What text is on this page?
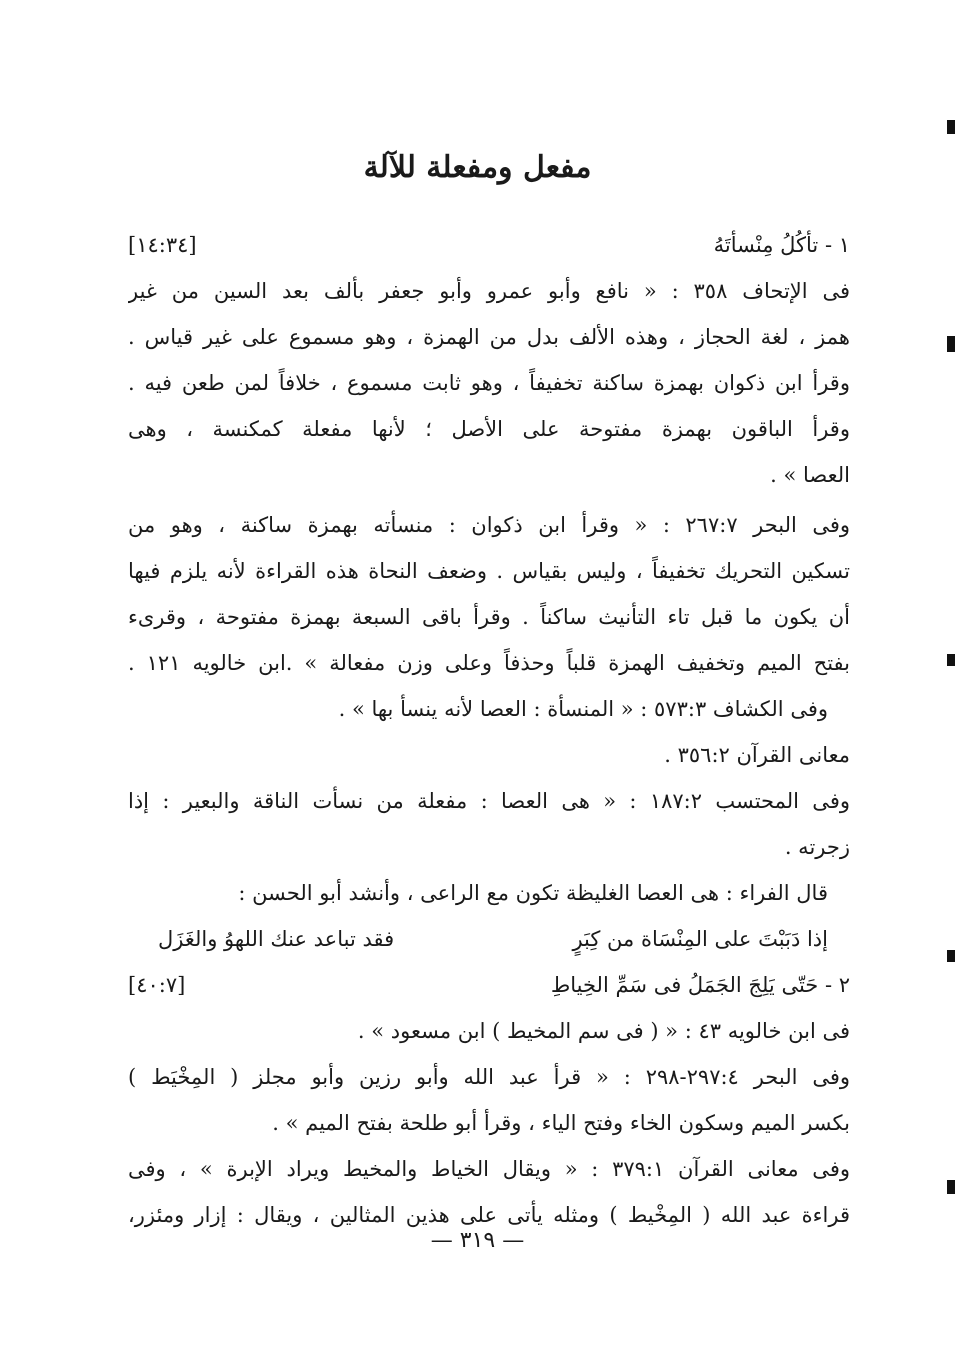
مفعل ومفعلة للآلة
١ - تأكُلُ مِنْسأتَهُ
[١٤:٣٤]
فى الإتحاف ٣٥٨ : « نافع وأبو عمرو وأبو جعفر بألف بعد السين من غير
همز ، لغة الحجاز ، وهذه الألف بدل من الهمزة ، وهو مسموع على غير قياس .
وقرأ ابن ذكوان بهمزة ساكنة تخفيفاً ، وهو ثابت مسموع ، خلافاً لمن طعن فيه .
وقرأ الباقون بهمزة مفتوحة على الأصل ؛ لأنها مفعلة كمكنسة ، وهى
العصا » .
وفى البحر ٢٦٧:٧ : « وقرأ ابن ذكوان : منسأته بهمزة ساكنة ، وهو من
تسكين التحريك تخفيفاً ، وليس بقياس . وضعف النحاة هذه القراءة لأنه يلزم فيها
أن يكون ما قبل تاء التأنيث ساكناً . وقرأ باقى السبعة بهمزة مفتوحة ، وقرىء
بفتح الميم وتخفيف الهمزة قلباً وحذفاً وعلى وزن مفعالة » .ابن خالويه ١٢١ .
وفى الكشاف ٥٧٣:٣ : « المنسأة : العصا لأنه ينسأ بها » .
معانى القرآن ٣٥٦:٢ .
وفى المحتسب ١٨٧:٢ : « هى العصا : مفعلة من نسأت الناقة والبعير : إذا
زجرته .
قال الفراء : هى العصا الغليظة تكون مع الراعى ، وأنشد أبو الحسن :
إذا دَبَبْتَ على المِنْسَاة من كِبَرٍ
فقد تباعد عنك اللهوُ والغَزَل
٢ - حَتّى يَلِجَ الجَمَلُ فى سَمِّ الخِياطِ
[٤٠:٧]
فى ابن خالويه ٤٣ : « ( فى سم المخيط ) ابن مسعود » .
وفى البحر ٢٩٧:٤-٢٩٨ : « قرأ عبد الله وأبو رزين وأبو مجلز ( المِخْيَط )
بكسر الميم وسكون الخاء وفتح الياء ، وقرأ أبو طلحة بفتح الميم » .
وفى معانى القرآن ٣٧٩:١ : « ويقال الخياط والمخيط ويراد الإبرة » ، وفى
قراءة عبد الله ( المِخْيط ) ومثله يأتى على هذين المثالين ، ويقال : إزار ومئزر،
— ٣١٩ —
